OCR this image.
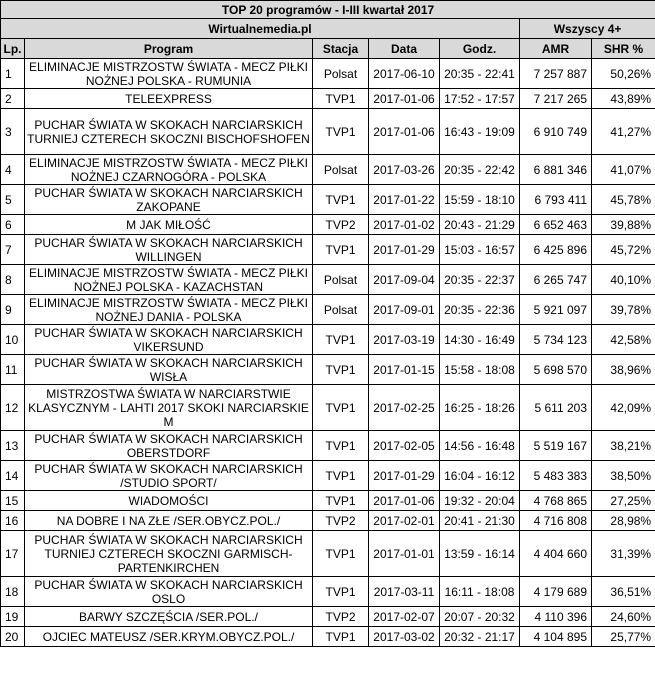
TOP 20 programów - I-III kwartał 2017						
Wirtualnemedia.pl					Wszyscy 4+	
Lp.	Program	Stacja	Data	Godz.	AMR	SHR %
1	ELIMINACJE MISTRZOSTW ŚWIATA - MECZ PIŁKI NOŻNEJ POLSKA - RUMUNIA	Polsat	2017-06-10	20:35 - 22:41	7 257 887	50,26%
2	TELEEXPRESS	TVP1	2017-01-06	17:52 - 17:57	7 217 265	43,89%
3	PUCHAR ŚWIATA W SKOKACH NARCIARSKICH TURNIEJ CZTERECH SKOCZNI BISCHOFSHOFEN	TVP1	2017-01-06	16:43 - 19:09	6 910 749	41,27%
4	ELIMINACJE MISTRZOSTW ŚWIATA - MECZ PIŁKI NOŻNEJ CZARNOGÓRA - POLSKA	Polsat	2017-03-26	20:35 - 22:42	6 881 346	41,07%
5	PUCHAR ŚWIATA W SKOKACH NARCIARSKICH ZAKOPANE	TVP1	2017-01-22	15:59 - 18:10	6 793 411	45,78%
6	M JAK MIŁOŚĆ	TVP2	2017-01-02	20:43 - 21:29	6 652 463	39,88%
7	PUCHAR ŚWIATA W SKOKACH NARCIARSKICH WILLINGEN	TVP1	2017-01-29	15:03 - 16:57	6 425 896	45,72%
8	ELIMINACJE MISTRZOSTW ŚWIATA - MECZ PIŁKI NOŻNEJ POLSKA - KAZACHSTAN	Polsat	2017-09-04	20:35 - 22:37	6 265 747	40,10%
9	ELIMINACJE MISTRZOSTW ŚWIATA - MECZ PIŁKI NOŻNEJ DANIA - POLSKA	Polsat	2017-09-01	20:35 - 22:36	5 921 097	39,78%
10	PUCHAR ŚWIATA W SKOKACH NARCIARSKICH VIKERSUND	TVP1	2017-03-19	14:30 - 16:49	5 734 123	42,58%
11	PUCHAR ŚWIATA W SKOKACH NARCIARSKICH WISŁA	TVP1	2017-01-15	15:58 - 18:08	5 698 570	38,96%
12	MISTRZOSTWA ŚWIATA W NARCIARSTWIE KLASYCZNYM - LAHTI 2017 SKOKI NARCIARSKIE M	TVP1	2017-02-25	16:25 - 18:26	5 611 203	42,09%
13	PUCHAR ŚWIATA W SKOKACH NARCIARSKICH OBERSTDORF	TVP1	2017-02-05	14:56 - 16:48	5 519 167	38,21%
14	PUCHAR ŚWIATA W SKOKACH NARCIARSKICH /STUDIO SPORT/	TVP1	2017-01-29	16:04 - 16:12	5 483 383	38,50%
15	WIADOMOŚCI	TVP1	2017-01-06	19:32 - 20:04	4 768 865	27,25%
16	NA DOBRE I NA ZŁE /SER.OBYCZ.POL./	TVP2	2017-02-01	20:41 - 21:30	4 716 808	28,98%
17	PUCHAR ŚWIATA W SKOKACH NARCIARSKICH TURNIEJ CZTERECH SKOCZNI GARMISCH-PARTENKIRCHEN	TVP1	2017-01-01	13:59 - 16:14	4 404 660	31,39%
18	PUCHAR ŚWIATA W SKOKACH NARCIARSKICH OSLO	TVP1	2017-03-11	16:11 - 18:08	4 179 689	36,51%
19	BARWY SZCZĘŚCIA /SER.POL./	TVP2	2017-02-07	20:07 - 20:32	4 110 396	24,60%
20	OJCIEC MATEUSZ /SER.KRYM.OBYCZ.POL./	TVP1	2017-03-02	20:32 - 21:17	4 104 895	25,77%
